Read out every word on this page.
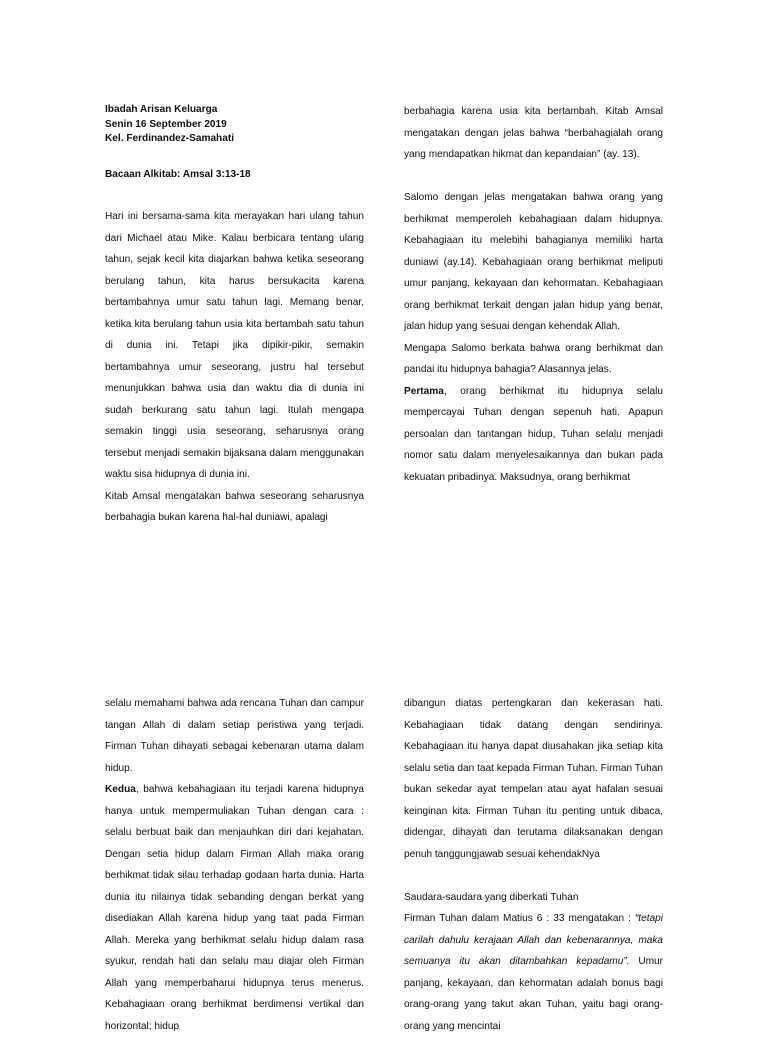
Ibadah Arisan Keluarga
Senin 16 September 2019
Kel. Ferdinandez-Samahati
Bacaan Alkitab: Amsal 3:13-18

Hari ini bersama-sama kita merayakan hari ulang tahun dari Michael atau Mike. Kalau berbicara tentang ulang tahun, sejak kecil kita diajarkan bahwa ketika seseorang berulang tahun, kita harus bersukacita karena bertambahnya umur satu tahun lagi. Memang benar, ketika kita berulang tahun usia kita bertambah satu tahun di dunia ini. Tetapi jika dipikir-pikir, semakin bertambahnya umur seseorang, justru hal tersebut menunjukkan bahwa usia dan waktu dia di dunia ini sudah berkurang satu tahun lagi. Itulah mengapa semakin tinggi usia seseorang, seharusnya orang tersebut menjadi semakin bijaksana dalam menggunakan waktu sisa hidupnya di dunia ini.

Kitab Amsal mengatakan bahwa seseorang seharusnya berbahagia bukan karena hal-hal duniawi, apalagi

berbahagia karena usia kita bertambah. Kitab Amsal mengatakan dengan jelas bahwa “berbahagialah orang yang mendapatkan hikmat dan kepandaian” (ay. 13).

Salomo dengan jelas mengatakan bahwa orang yang berhikmat memperoleh kebahagiaan dalam hidupnya. Kebahagiaan itu melebihi bahagianya memiliki harta duniawi (ay.14). Kebahagiaan orang berhikmat meliputi umur panjang, kekayaan dan kehormatan. Kebahagiaan orang berhikmat terkait dengan jalan hidup yang benar, jalan hidup yang sesuai dengan kehendak Allah.

Mengapa Salomo berkata bahwa orang berhikmat dan pandai itu hidupnya bahagia? Alasannya jelas.

Pertama, orang berhikmat itu hidupnya selalu mempercayai Tuhan dengan sepenuh hati. Apapun persoalan dan tantangan hidup, Tuhan selalu menjadi nomor satu dalam menyelesaikannya dan bukan pada kekuatan pribadinya. Maksudnya, orang berhikmat

selalu memahami bahwa ada rencana Tuhan dan campur tangan Allah di dalam setiap peristiwa yang terjadi. Firman Tuhan dihayati sebagai kebenaran utama dalam hidup.

Kedua, bahwa kebahagiaan itu terjadi karena hidupnya hanya untuk mempermuliakan Tuhan dengan cara : selalu berbuat baik dan menjauhkan diri dari kejahatan. Dengan setia hidup dalam Firman Allah maka orang berhikmat tidak silau terhadap godaan harta dunia. Harta dunia itu nilainya tidak sebanding dengan berkat yang disediakan Allah karena hidup yang taat pada Firman Allah. Mereka yang berhikmat selalu hidup dalam rasa syukur, rendah hati dan selalu mau diajar oleh Firman Allah yang memperbaharui hidupnya terus menerus. Kebahagiaan orang berhikmat berdimensi vertikal dan horizontal; hidup

dibangun diatas pertengkaran dan kekerasan hati. Kebahagiaan tidak datang dengan sendirinya. Kebahagiaan itu hanya dapat diusahakan jika setiap kita selalu setia dan taat kepada Firman Tuhan. Firman Tuhan bukan sekedar ayat tempelan atau ayat hafalan sesuai keinginan kita. Firman Tuhan itu penting untuk dibaca, didengar, dihayati dan terutama dilaksanakan dengan penuh tanggungjawab sesuai kehendakNya

Saudara-saudara yang diberkati Tuhan

Firman Tuhan dalam Matius 6 : 33 mengatakan : “tetapi carilah dahulu kerajaan Allah dan kebenarannya, maka semuanya itu akan ditambahkan kepadamu”. Umur panjang, kekayaan, dan kehormatan adalah bonus bagi orang-orang yang takut akan Tuhan, yaitu bagi orang-orang yang mencintai
